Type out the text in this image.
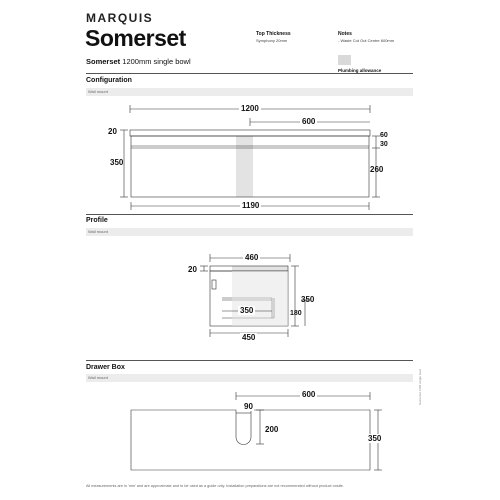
MARQUIS
Somerset
Somerset 1200mm single bowl
Top Thickness
Symphony 20mm
Notes
- Waste Cut Out Centre 600mm
Plumbing allowance
Configuration
Wall mount
Profile
Wall mount
Drawer Box
Wall mount
1200
600
20
350
60
30
260
1190
460
20
350
350	180
450
600
90
200
350
All measurements are in 'mm' and are approximate and to be used as a guide only. Installation preparations are not recommended without product onsite.
Somerset 1200 single bowl
